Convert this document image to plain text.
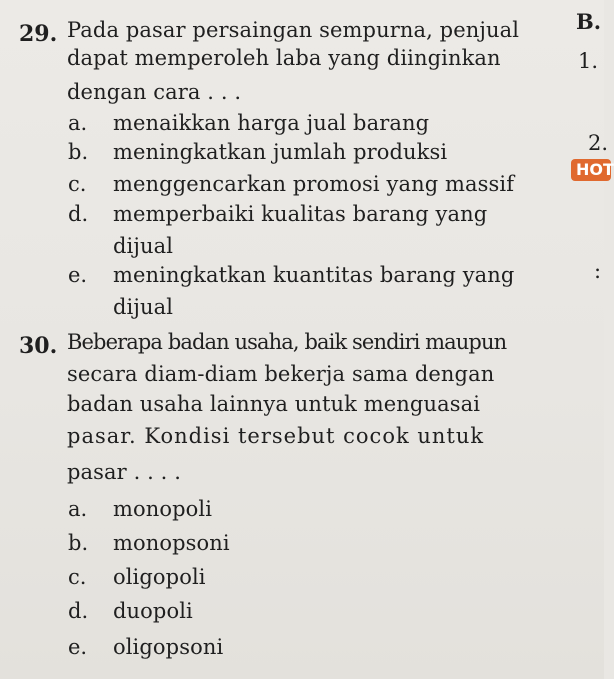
29. Pada pasar persaingan sempurna, penjual
dapat memperoleh laba yang diinginkan
dengan cara . . .
a. menaikkan harga jual barang
b. meningkatkan jumlah produksi
c. menggencarkan promosi yang massif
d. memperbaiki kualitas barang yang
dijual
e. meningkatkan kuantitas barang yang
dijual
30. Beberapa badan usaha, baik sendiri maupun
secara diam-diam bekerja sama dengan
badan usaha lainnya untuk menguasai
pasar. Kondisi tersebut cocok untuk
pasar . . . .
a. monopoli
b. monopsoni
c. oligopoli
d. duopoli
e. oligopsoni
B.
1.
2.
HOT
:
